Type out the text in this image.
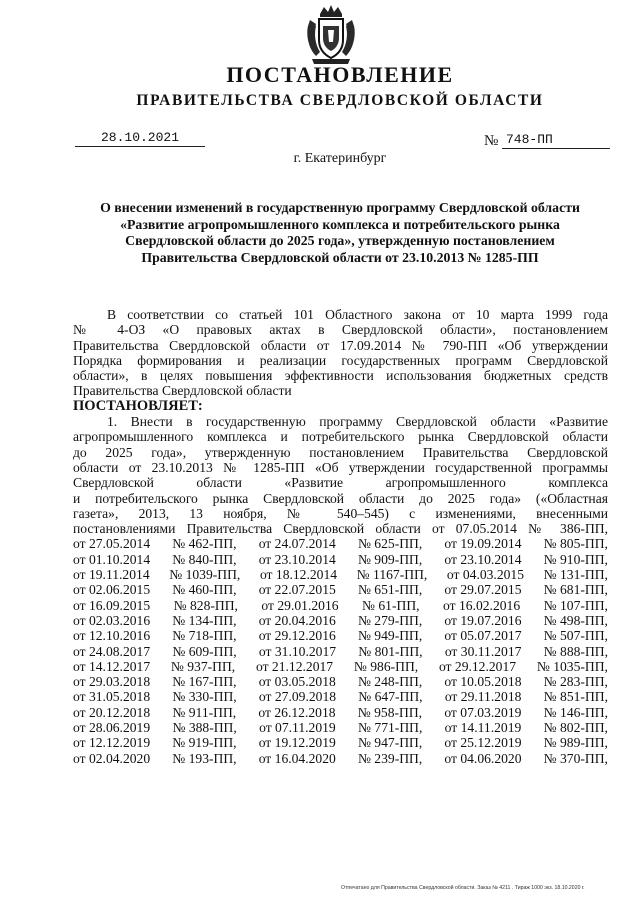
ПОСТАНОВЛЕНИЕ
ПРАВИТЕЛЬСТВА СВЕРДЛОВСКОЙ ОБЛАСТИ
28.10.2021	№ 748-ПП
г. Екатеринбург
О внесении изменений в государственную программу Свердловской области
«Развитие агропромышленного комплекса и потребительского рынка
Свердловской области до 2025 года», утвержденную постановлением
Правительства Свердловской области от 23.10.2013 № 1285-ПП
В соответствии со статьей 101 Областного закона от 10 марта 1999 года
№ 4-ОЗ «О правовых актах в Свердловской области», постановлением
Правительства Свердловской области от 17.09.2014 № 790-ПП «Об утверждении
Порядка формирования и реализации государственных программ Свердловской
области», в целях повышения эффективности использования бюджетных средств
Правительства Свердловской области
ПОСТАНОВЛЯЕТ:
1. Внести в государственную программу Свердловской области «Развитие
агропромышленного комплекса и потребительского рынка Свердловской области
до 2025 года», утвержденную постановлением Правительства Свердловской
области от 23.10.2013 № 1285-ПП «Об утверждении государственной программы
Свердловской области «Развитие агропромышленного комплекса
и потребительского рынка Свердловской области до 2025 года» («Областная
газета», 2013, 13 ноября, № 540–545) с изменениями, внесенными
постановлениями Правительства Свердловской области от 07.05.2014 № 386-ПП,
от 27.05.2014 № 462-ПП, от 24.07.2014 № 625-ПП, от 19.09.2014 № 805-ПП,
от 01.10.2014 № 840-ПП, от 23.10.2014 № 909-ПП, от 23.10.2014 № 910-ПП,
от 19.11.2014 № 1039-ПП, от 18.12.2014 № 1167-ПП, от 04.03.2015 № 131-ПП,
от 02.06.2015 № 460-ПП, от 22.07.2015 № 651-ПП, от 29.07.2015 № 681-ПП,
от 16.09.2015 № 828-ПП, от 29.01.2016 № 61-ПП, от 16.02.2016 № 107-ПП,
от 02.03.2016 № 134-ПП, от 20.04.2016 № 279-ПП, от 19.07.2016 № 498-ПП,
от 12.10.2016 № 718-ПП, от 29.12.2016 № 949-ПП, от 05.07.2017 № 507-ПП,
от 24.08.2017 № 609-ПП, от 31.10.2017 № 801-ПП, от 30.11.2017 № 888-ПП,
от 14.12.2017 № 937-ПП, от 21.12.2017 № 986-ПП, от 29.12.2017 № 1035-ПП,
от 29.03.2018 № 167-ПП, от 03.05.2018 № 248-ПП, от 10.05.2018 № 283-ПП,
от 31.05.2018 № 330-ПП, от 27.09.2018 № 647-ПП, от 29.11.2018 № 851-ПП,
от 20.12.2018 № 911-ПП, от 26.12.2018 № 958-ПП, от 07.03.2019 № 146-ПП,
от 28.06.2019 № 388-ПП, от 07.11.2019 № 771-ПП, от 14.11.2019 № 802-ПП,
от 12.12.2019 № 919-ПП, от 19.12.2019 № 947-ПП, от 25.12.2019 № 989-ПП,
от 02.04.2020 № 193-ПП, от 16.04.2020 № 239-ПП, от 04.06.2020 № 370-ПП,
Отпечатано для Правительства Свердловской области. Заказ № 4211 . Тираж 1000 экз. 18.10.2020 г.
